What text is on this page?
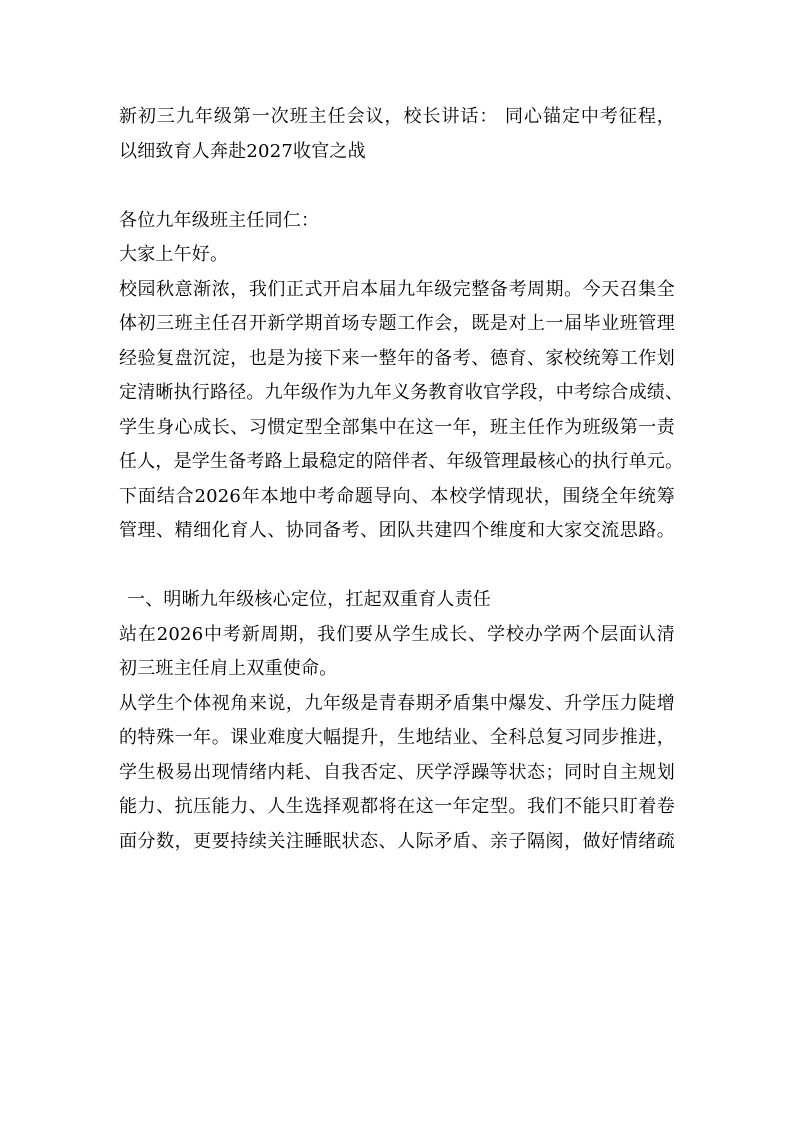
新初三九年级第一次班主任会议，校长讲话： 同心锚定中考征程，
以细致育人奔赴2027收官之战
各位九年级班主任同仁：
大家上午好。
校园秋意渐浓，我们正式开启本届九年级完整备考周期。今天召集全
体初三班主任召开新学期首场专题工作会，既是对上一届毕业班管理
经验复盘沉淀，也是为接下来一整年的备考、德育、家校统筹工作划
定清晰执行路径。九年级作为九年义务教育收官学段，中考综合成绩、
学生身心成长、习惯定型全部集中在这一年，班主任作为班级第一责
任人，是学生备考路上最稳定的陪伴者、年级管理最核心的执行单元。
下面结合2026年本地中考命题导向、本校学情现状，围绕全年统筹
管理、精细化育人、协同备考、团队共建四个维度和大家交流思路。
一、明晰九年级核心定位，扛起双重育人责任
站在2026中考新周期，我们要从学生成长、学校办学两个层面认清
初三班主任肩上双重使命。
从学生个体视角来说，九年级是青春期矛盾集中爆发、升学压力陡增
的特殊一年。课业难度大幅提升，生地结业、全科总复习同步推进，
学生极易出现情绪内耗、自我否定、厌学浮躁等状态；同时自主规划
能力、抗压能力、人生选择观都将在这一年定型。我们不能只盯着卷
面分数，更要持续关注睡眠状态、人际矛盾、亲子隔阂，做好情绪疏
